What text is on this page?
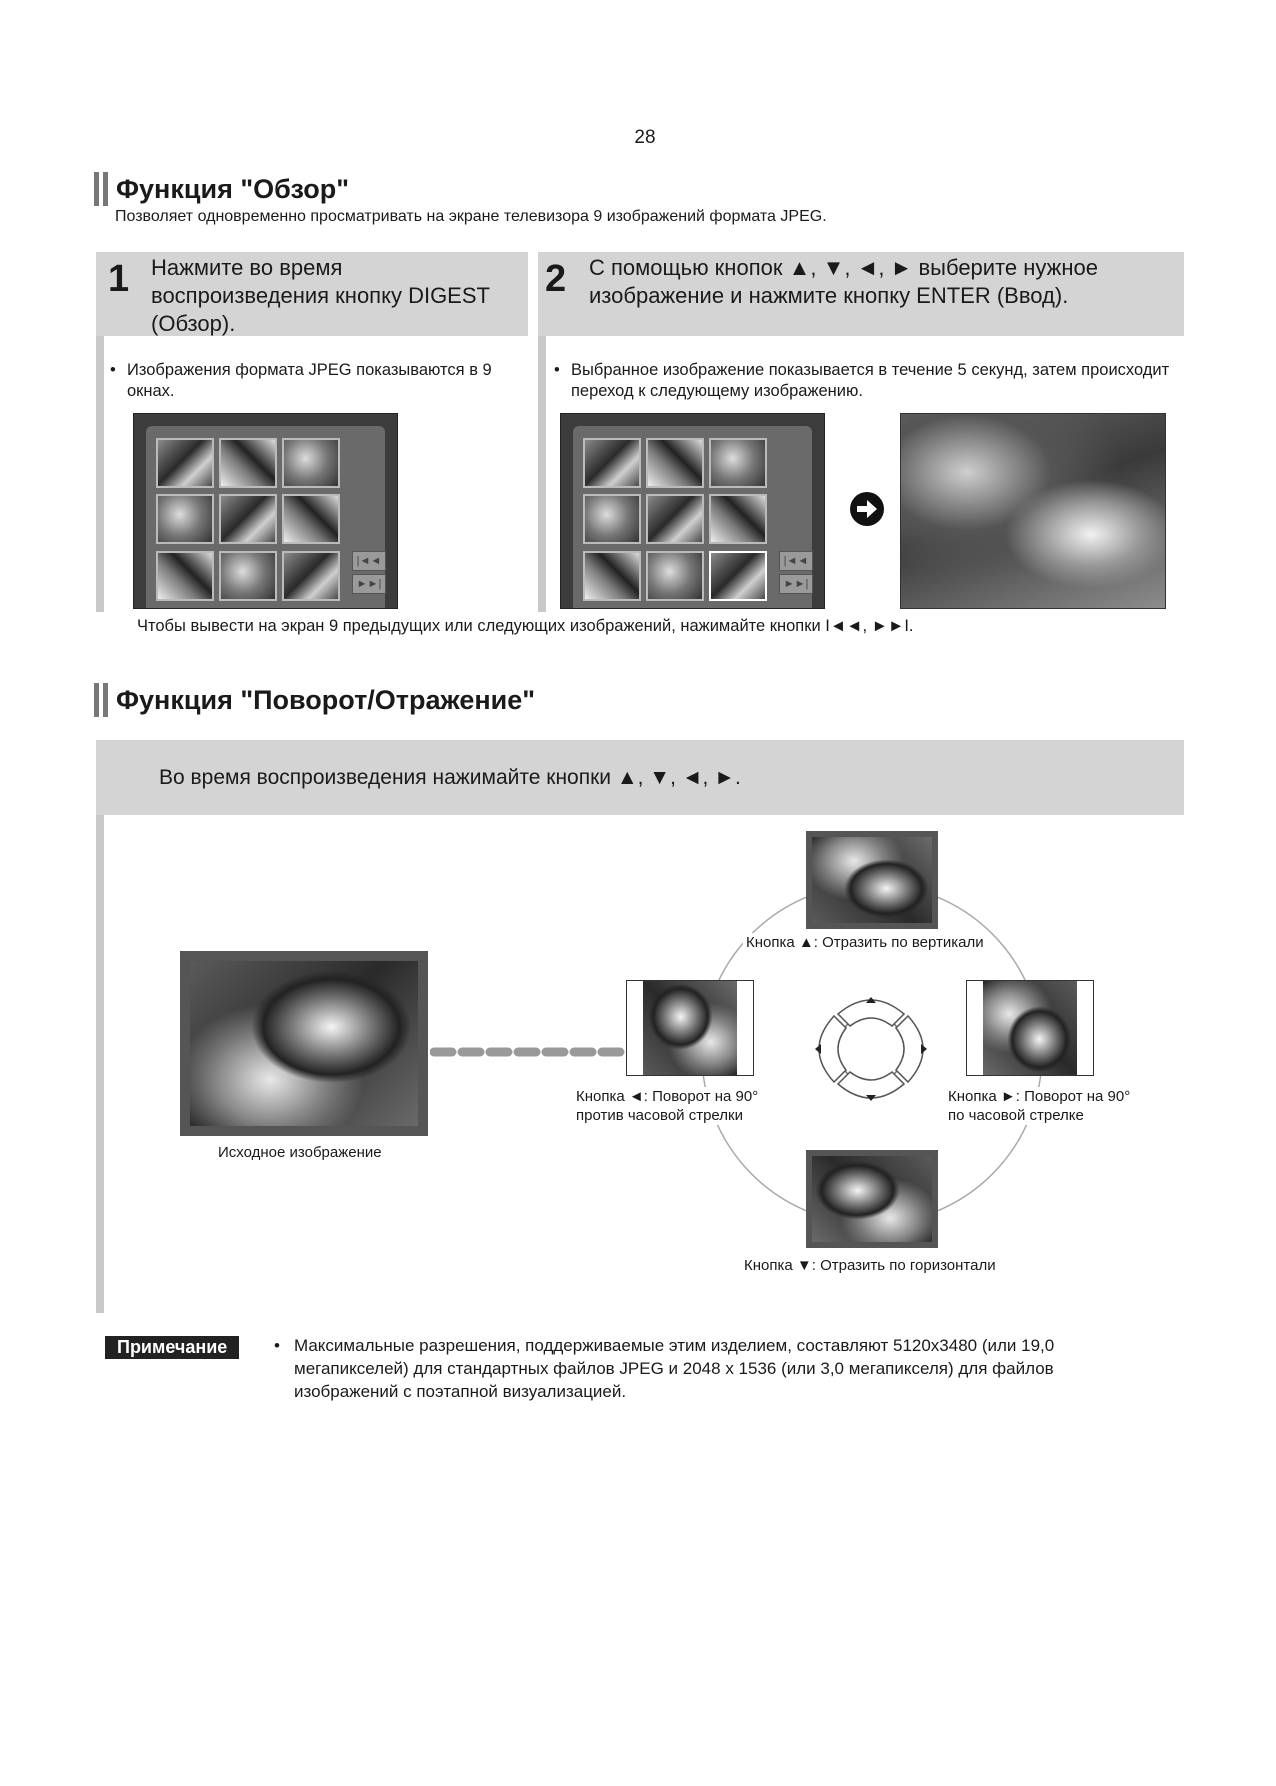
28
Функция "Обзор"
Позволяет одновременно просматривать на экране телевизора 9 изображений формата JPEG.
1 Нажмите во время воспроизведения кнопку DIGEST (Обзор).
2 С помощью кнопок ▲, ▼, ◄, ► выберите нужное изображение и нажмите кнопку ENTER (Ввод).
• Изображения формата JPEG показываются в 9 окнах.
• Выбранное изображение показывается в течение 5 секунд, затем происходит переход к следующему изображению.
|◄◄
►►|
|◄◄
►►|
Чтобы вывести на экран 9 предыдущих или следующих изображений, нажимайте кнопки I◄◄, ►►I.
Функция "Поворот/Отражение"
Во время воспроизведения нажимайте кнопки ▲, ▼, ◄, ►.
Исходное изображение
Кнопка ▲: Отразить по вертикали
Кнопка ◄: Поворот на 90°
против часовой стрелки
Кнопка ►: Поворот на 90°
по часовой стрелке
Кнопка ▼: Отразить по горизонтали
Примечание	• Максимальные разрешения, поддерживаемые этим изделием, составляют 5120x3480 (или 19,0 мегапикселей) для стандартных файлов JPEG и 2048 x 1536 (или 3,0 мегапикселя) для файлов изображений с поэтапной визуализацией.
